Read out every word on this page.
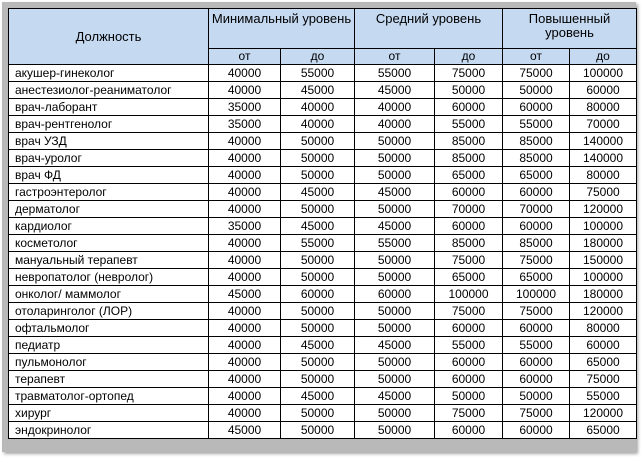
Должность	Минимальный уровень		Средний уровень		Повышенный уровень	
	от	до	от	до	от	до
акушер-гинеколог	40000	55000	55000	75000	75000	100000
анестезиолог-реаниматолог	40000	45000	45000	50000	50000	60000
врач-лаборант	35000	40000	40000	60000	60000	80000
врач-рентгенолог	35000	40000	40000	55000	55000	70000
врач УЗД	40000	50000	50000	85000	85000	140000
врач-уролог	40000	50000	50000	85000	85000	140000
врач ФД	40000	50000	50000	65000	65000	80000
гастроэнтеролог	40000	45000	45000	60000	60000	75000
дерматолог	40000	50000	50000	70000	70000	120000
кардиолог	35000	45000	45000	60000	60000	100000
косметолог	40000	55000	55000	85000	85000	180000
мануальный терапевт	40000	50000	50000	75000	75000	150000
невропатолог (невролог)	40000	50000	50000	65000	65000	100000
онколог/ маммолог	45000	60000	60000	100000	100000	180000
отоларинголог (ЛОР)	40000	50000	50000	75000	75000	120000
офтальмолог	40000	50000	50000	60000	60000	80000
педиатр	40000	45000	45000	55000	55000	60000
пульмонолог	40000	50000	50000	60000	60000	65000
терапевт	40000	50000	50000	60000	60000	75000
травматолог-ортопед	40000	45000	45000	50000	50000	55000
хирург	40000	50000	50000	75000	75000	120000
эндокринолог	45000	50000	50000	60000	60000	65000
